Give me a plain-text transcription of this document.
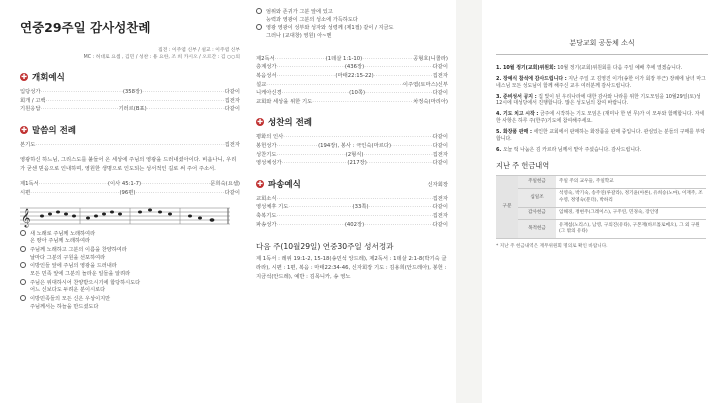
연중29주일 감사성찬례
집전 : 이주엽 신부 / 설교 : 이주엽 신부
MC : 허대로 요셉 , 김민 / 성찬 : 용 요한, 조 희 카시오 / 오르간 : 김 ○○의
✚ 개회예식
입당성가 ·····	(358장) ·····	다같이
회개 / 고백 ·····	집전자
기원응답 ·····	기러르(B표) ·····	다같이
✚ 말씀의 전례
본기도 ·····	집전자
영광하신 하느님, 그리스도를 붙들어 온 세상에 주님의 영광을 드러내셨아이다. 비옵나니, 우리가 굳센 믿음으로 인내하며, 영원한 생명으로 인도되는 성서적인 길로 써 주어 주소서.
제1독서 ·····	(이사 45:1-7) ·····	문희숙(요셉)
시편 ·····	(96편) ·····	다같이
𝄞
새 노래로 주님께 노래하여라
온 땅아 주님께 노래하여라
주님께 노래하고 그분의 이름을 찬양하여라
날마다 그분의 구원을 선포하여라
이방인들 앞에 주님의 영광을 드러내라
모든 민족 앞에 그분의 놀라운 일들을 알려라
주님은 위대하시어 찬양받으시기에 합당하시도다
어느 신보다도 두려운 분이시로다
이방민족들의 모든 신은 우상이지만
주님께서는 하늘을 만드셨도다
엄위와 존귀가 그분 앞에 있고
능력과 영광이 그분의 성소에 가득하도다
영광 영광이 성부와 성자와 성령께 (제1절) 같이 / 지금도
그러나 (교대창) 영원) 아~멘
제2독서 ·····	(1데살 1:1-10) ·····	공형호(니콜라)
층계성가 ·····	(436장) ·····	다같이
복음성서 ·····	(마태22:15-22) ·····	집전자
설교 ·····	이주엽(토마스)신부
니케아신경 ·····	(10쪽) ·····	다같이
교회와 세상을 위한 기도 ·····	차정숙(마리아)
✚ 성찬의 전례
평화의 인사 ·····	다같이
봉헌성가 ·····	(194장), 봉사 : 극인숙(마르다) ·····	다같이
성찬기도 ·····	(2형식) ·····	집전자
영성체성가 ·····	(217장) ·····	다같이
✚ 파송예식	신자회장
교회소식 ·····	집전자
영성체후 기도 ·····	(33쪽) ·····	다같이
축복기도 ·····	집전자
파송성가 ·····	(402장) ·····	다같이
다음 주(10월29일) 연중30주일 성서정과
제 1독서 : 레위 19:1-2, 15-18(송민석 앙드레), 제2독서 : 1데살 2:1-8(박기숙 클라라), 시편 : 1편, 복음 : 마태22:34-46, 신자회장 기도 : 김용희(안드레아), 봉헌 : 지금석(안드레), 예반 : 김목니카, 송 영노
분당교회 공동체 소식
1. 10월 정기(교회)위원회: 10월 정기(교회)위원회를 다음 주일 예배 후에 열겠습니다.
2. 장예식 참석에 감사드립니다 : 지난 주일 고 김영진 이가(송한 이가 회장 부근) 장례에 남녀 마그네스님 모든 성도님이 함께 해주신 교우 여러분께 감사드립니다.
3. 준비성서 공지 : 집 빛이 된 우리나라에 대한 감사와 나라를 위한 기도모임을 10월29일(토)성 12시에 대성당에서 진행합니다. 많은 성도님의 참여 바랍니다.
4. 기도 치고 시작 : 금주에 시작하는 기도 모임은 (재미나 한 번 무)가 이 모두와 함께합니다. 자세한 사항은 하루 주(한주)기도에 참여해주세요.
5. 화장품 판매 : 세인한 교회에서 판매하는 화장품을 판매 중입니다. 관심있는 분들의 구매를 부탁합니다.
6. 오늘 떡 나눔은 김 카르라 님께서 맡아 주셨습니다. 감사드립니다.
지난 주 헌금내역
구분	주일헌금	주일 주의 교우들, 주일학교
	십일조	석영숙, 박기숙, 송주연(루갈라), 정기윤(아론), 유희승(노마), 이재주, 조수영, 정영숙(분더), 박하리
	감사헌금	임해경, 정현주(그레이스), 구주연, 민경숙, 장인영
	목적헌금	유재섭(노리스), 남영, 구의진(유타), 구본재(바르톨로메오), 그 외 구원(그 밖의 유타)
* 지난 주 헌금내역은 재무위원회 명의로 확인 바랍니다.
